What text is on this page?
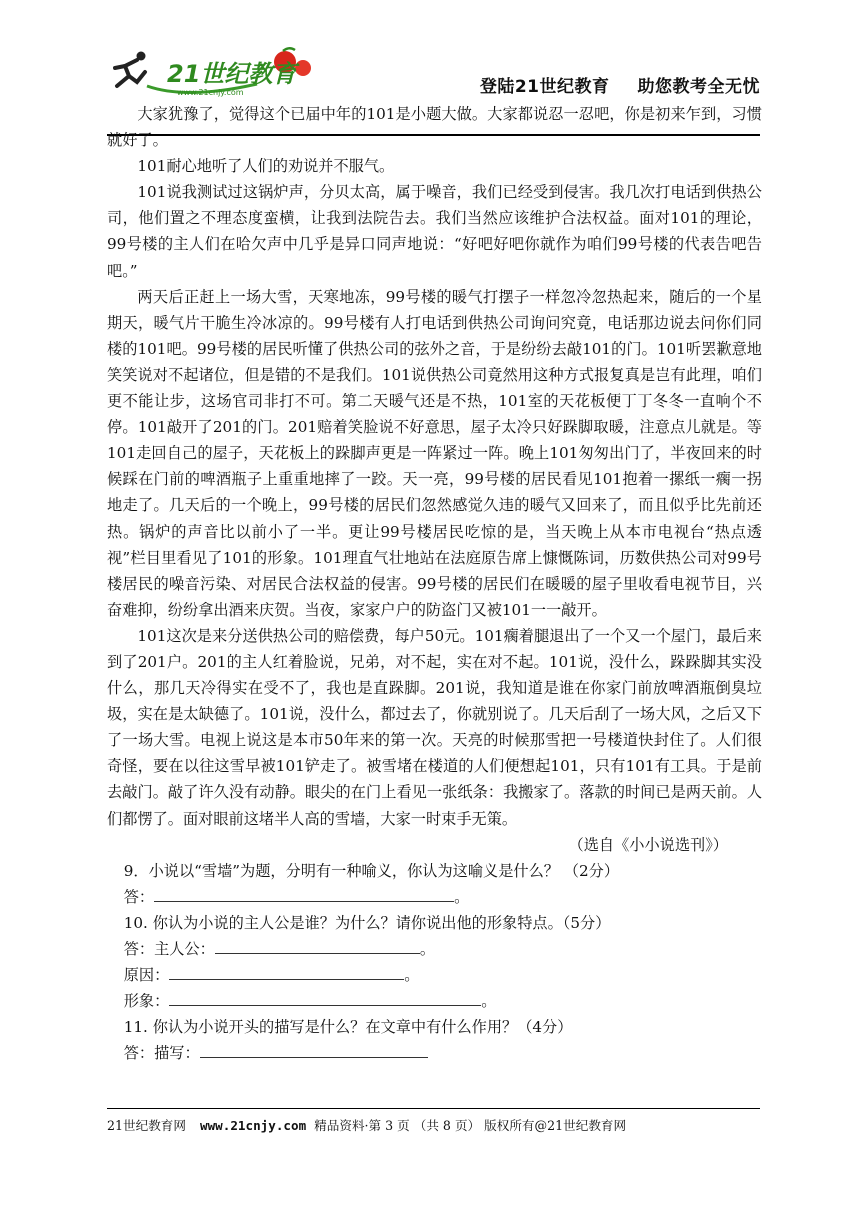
21世纪教育
www.21cnjy.com	登陆21世纪教育 助您教考全无忧

大家犹豫了，觉得这个已届中年的101是小题大做。大家都说忍一忍吧，你是初来乍到，习惯就好了。

101耐心地听了人们的劝说并不服气。

101说我测试过这锅炉声，分贝太高，属于噪音，我们已经受到侵害。我几次打电话到供热公司，他们置之不理态度蛮横，让我到法院告去。我们当然应该维护合法权益。面对101的理论，99号楼的主人们在哈欠声中几乎是异口同声地说：“好吧好吧你就作为咱们99号楼的代表告吧告吧。”

两天后正赶上一场大雪，天寒地冻，99号楼的暖气打摆子一样忽冷忽热起来，随后的一个星期天，暖气片干脆生冷冰凉的。99号楼有人打电话到供热公司询问究竟，电话那边说去问你们同楼的101吧。99号楼的居民听懂了供热公司的弦外之音，于是纷纷去敲101的门。101听罢歉意地笑笑说对不起诸位，但是错的不是我们。101说供热公司竟然用这种方式报复真是岂有此理，咱们更不能让步，这场官司非打不可。第二天暖气还是不热，101室的天花板便丁丁冬冬一直响个不停。101敲开了201的门。201赔着笑脸说不好意思，屋子太冷只好跺脚取暖，注意点儿就是。等101走回自己的屋子，天花板上的跺脚声更是一阵紧过一阵。晚上101匆匆出门了，半夜回来的时候踩在门前的啤酒瓶子上重重地摔了一跤。天一亮，99号楼的居民看见101抱着一摞纸一瘸一拐地走了。几天后的一个晚上，99号楼的居民们忽然感觉久违的暖气又回来了，而且似乎比先前还热。锅炉的声音比以前小了一半。更让99号楼居民吃惊的是，当天晚上从本市电视台“热点透视”栏目里看见了101的形象。101理直气壮地站在法庭原告席上慷慨陈词，历数供热公司对99号楼居民的噪音污染、对居民合法权益的侵害。99号楼的居民们在暖暖的屋子里收看电视节目，兴奋难抑，纷纷拿出酒来庆贺。当夜，家家户户的防盗门又被101一一敲开。

101这次是来分送供热公司的赔偿费，每户50元。101瘸着腿退出了一个又一个屋门，最后来到了201户。201的主人红着脸说，兄弟，对不起，实在对不起。101说，没什么，跺跺脚其实没什么，那几天冷得实在受不了，我也是直跺脚。201说，我知道是谁在你家门前放啤酒瓶倒臭垃圾，实在是太缺德了。101说，没什么，都过去了，你就别说了。几天后刮了一场大风，之后又下了一场大雪。电视上说这是本市50年来的第一次。天亮的时候那雪把一号楼道快封住了。人们很奇怪，要在以往这雪早被101铲走了。被雪堵在楼道的人们便想起101，只有101有工具。于是前去敲门。敲了许久没有动静。眼尖的在门上看见一张纸条：我搬家了。落款的时间已是两天前。人们都愣了。面对眼前这堵半人高的雪墙，大家一时束手无策。

（选自《小小说选刊》）

9．小说以“雪墙”为题，分明有一种喻义，你认为这喻义是什么？ （2分）

答：	。

10. 你认为小说的主人公是谁？为什么？请你说出他的形象特点。（5分）

答：主人公：	。

原因：	。

形象：	。

11. 你认为小说开头的描写是什么？在文章中有什么作用？（4分）

答：描写：

21世纪教育网 www.21cnjy.com 精品资料·第 3 页 （共 8 页） 版权所有@21世纪教育网
